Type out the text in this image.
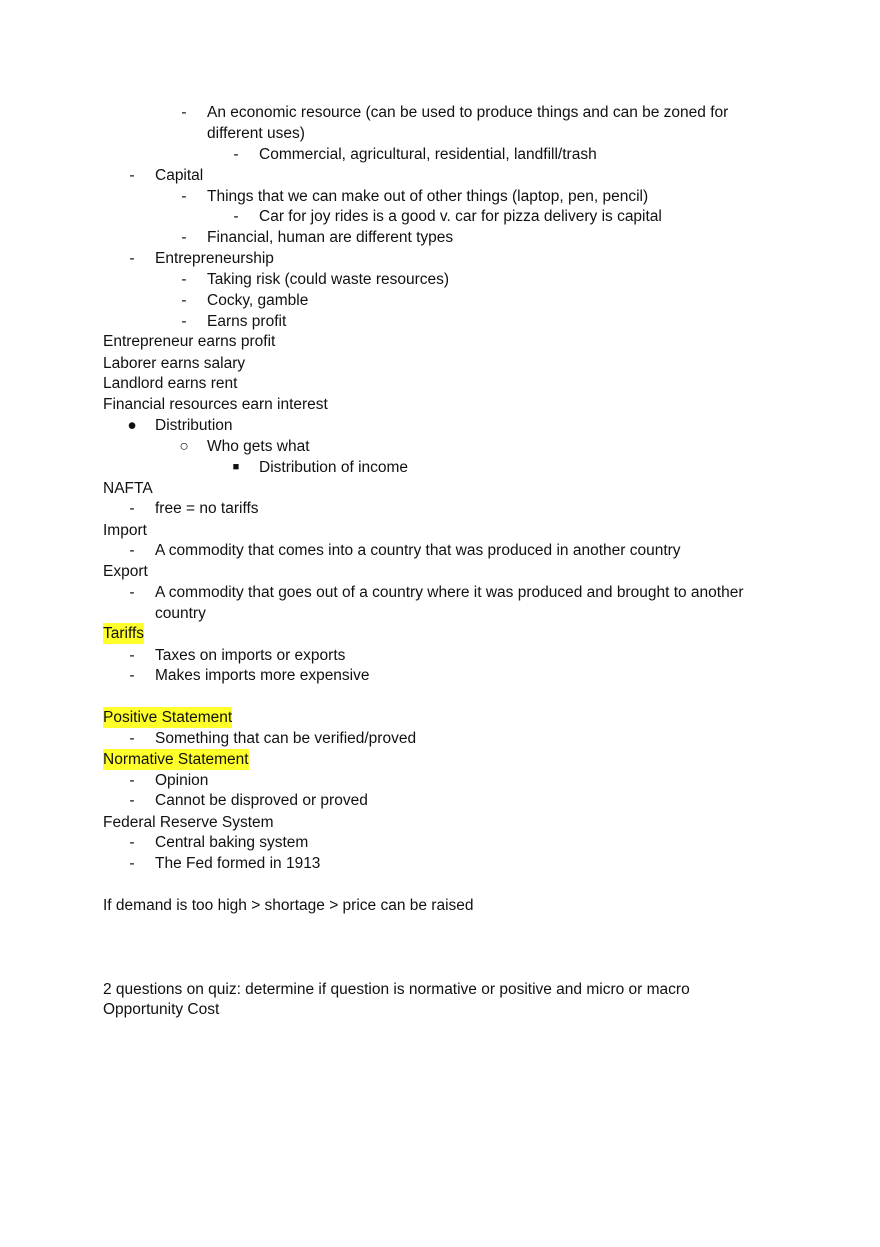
- An economic resource (can be used to produce things and can be zoned for
different uses)
- Commercial, agricultural, residential, landfill/trash
- Capital
- Things that we can make out of other things (laptop, pen, pencil)
- Car for joy rides is a good v. car for pizza delivery is capital
- Financial, human are different types
- Entrepreneurship
- Taking risk (could waste resources)
- Cocky, gamble
- Earns profit
Entrepreneur earns profit
Laborer earns salary
Landlord earns rent
Financial resources earn interest
● Distribution
○ Who gets what
■ Distribution of income
NAFTA
- free = no tariffs
Import
- A commodity that comes into a country that was produced in another country
Export
- A commodity that goes out of a country where it was produced and brought to another
country
Tariffs
- Taxes on imports or exports
- Makes imports more expensive
Positive Statement
- Something that can be verified/proved
Normative Statement
- Opinion
- Cannot be disproved or proved
Federal Reserve System
- Central baking system
- The Fed formed in 1913
If demand is too high > shortage > price can be raised
2 questions on quiz: determine if question is normative or positive and micro or macro
Opportunity Cost
